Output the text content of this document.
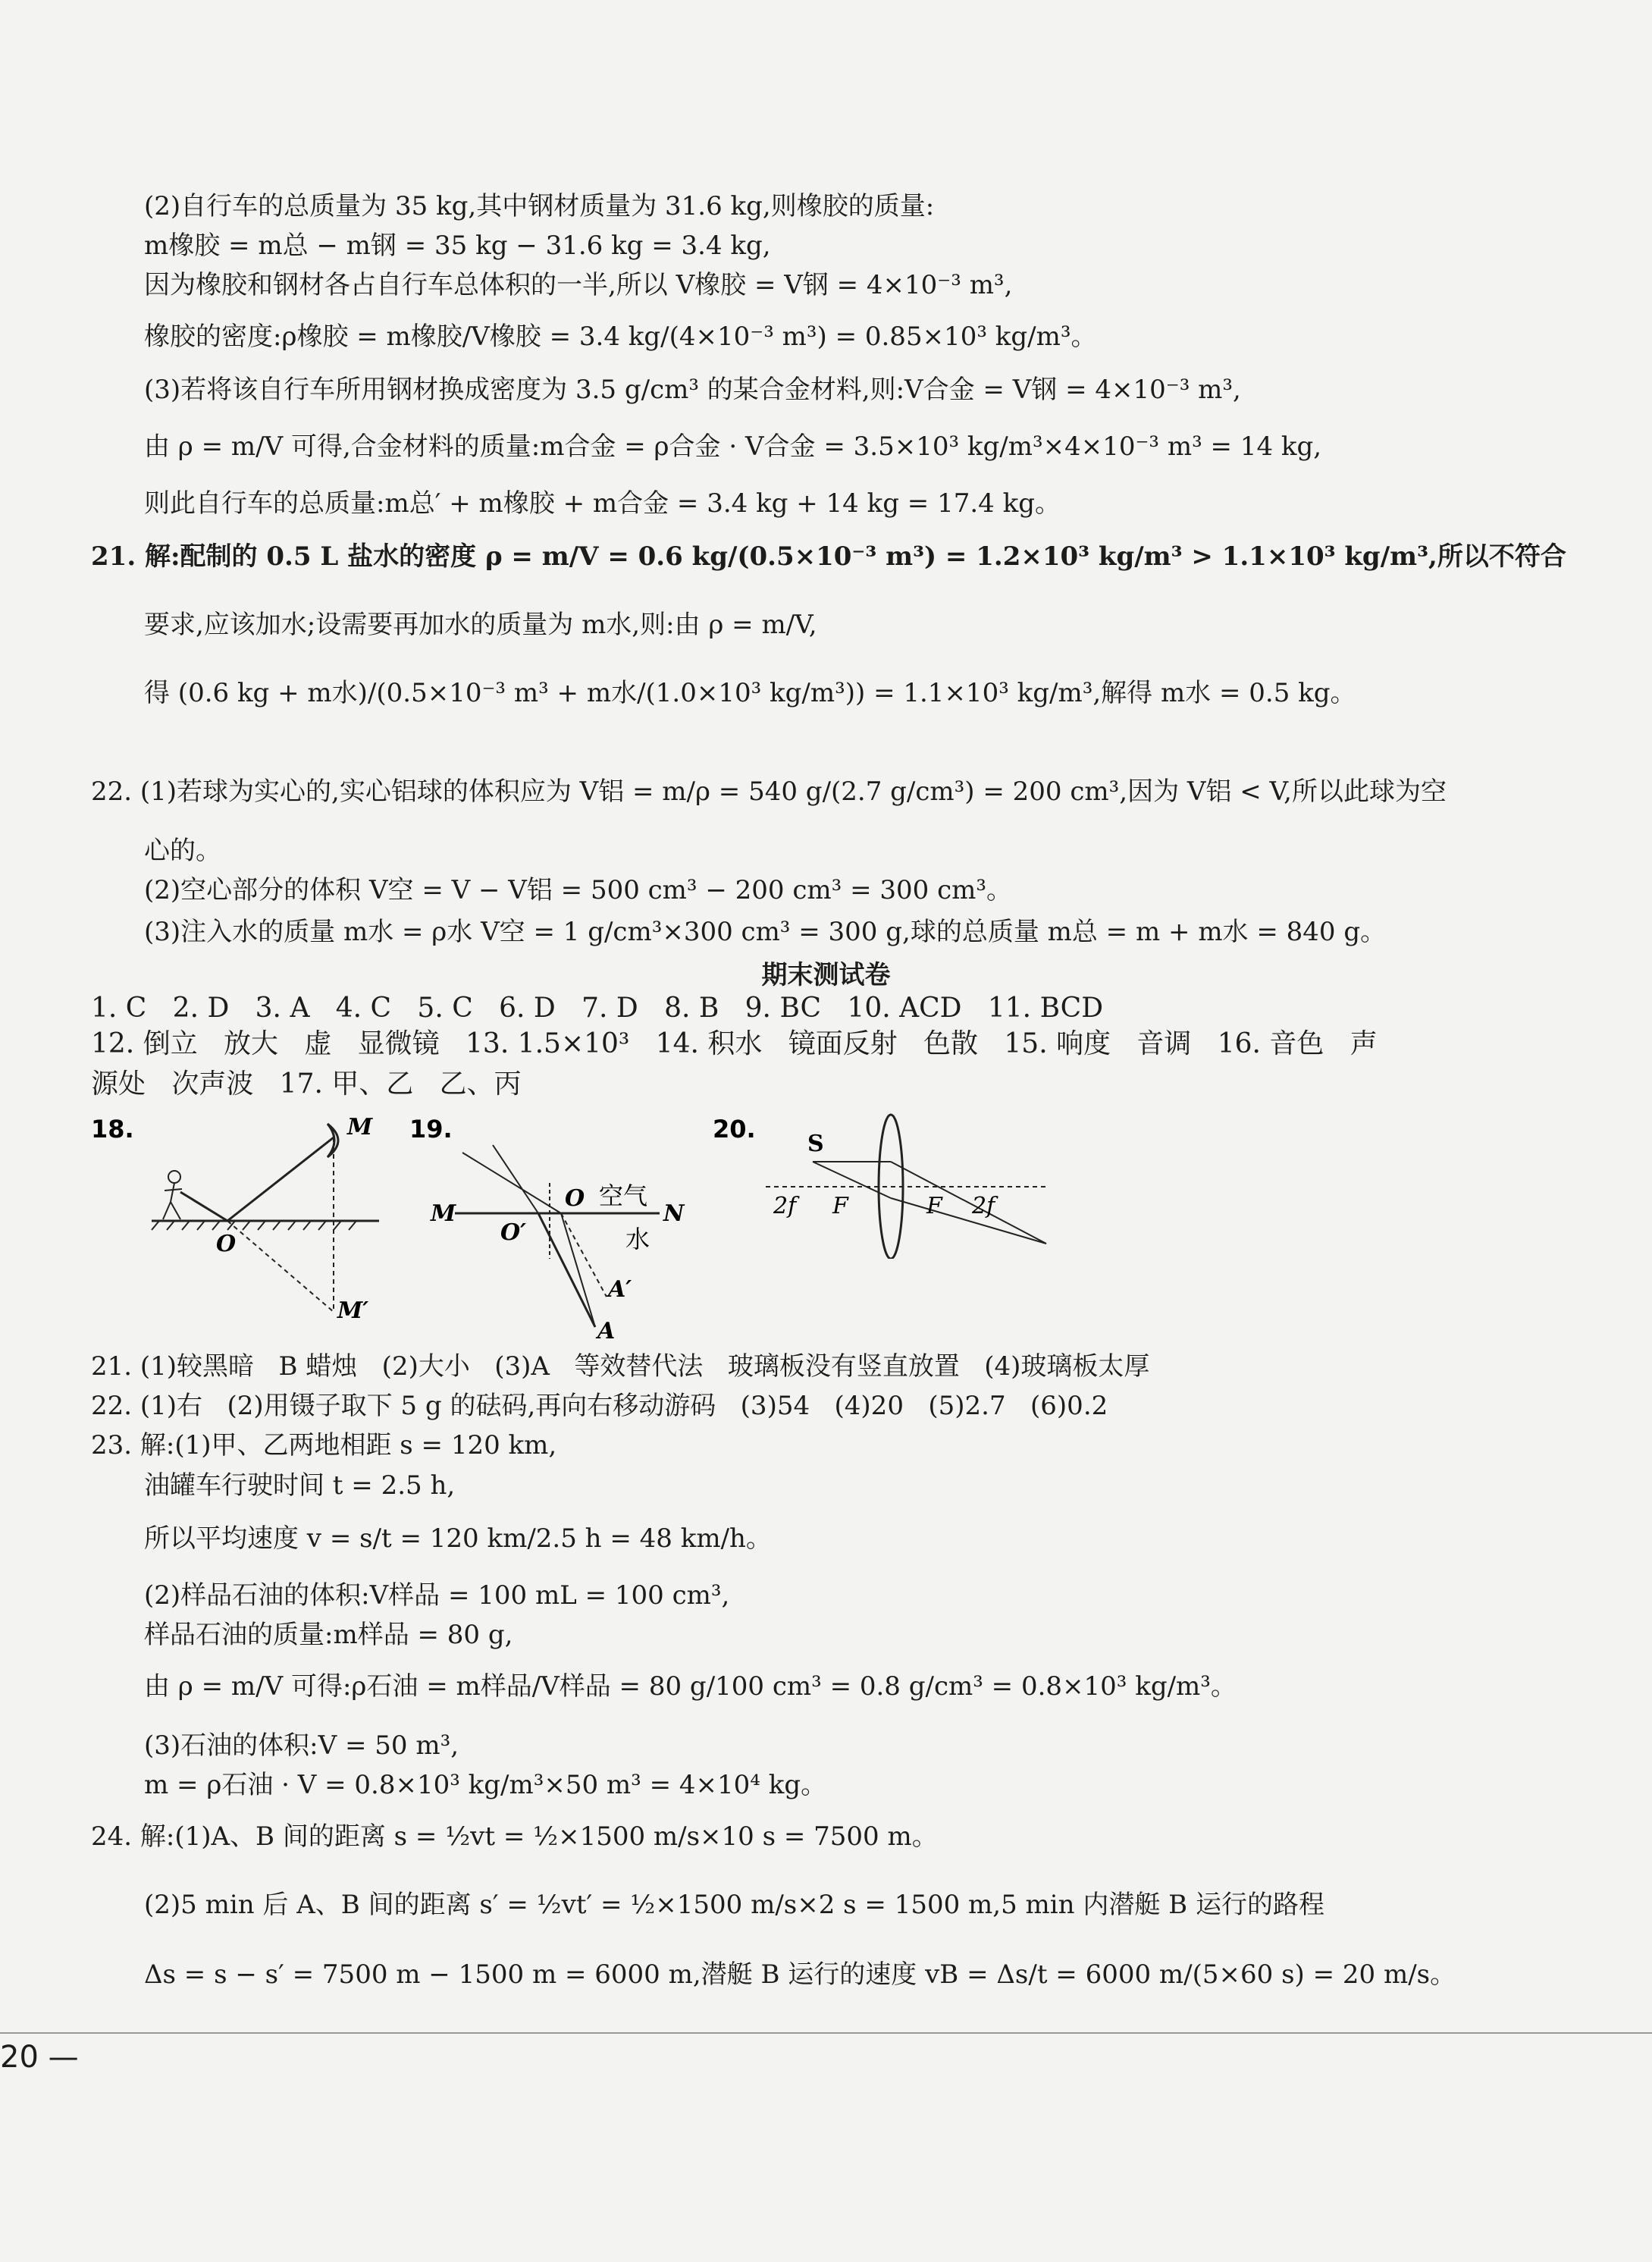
(2)自行车的总质量为 35 kg,其中钢材质量为 31.6 kg,则橡胶的质量:
m橡胶 = m总 − m钢 = 35 kg − 31.6 kg = 3.4 kg,
因为橡胶和钢材各占自行车总体积的一半,所以 V橡胶 = V钢 = 4×10⁻³ m³,
橡胶的密度:ρ橡胶 = m橡胶/V橡胶 = 3.4 kg/(4×10⁻³ m³) = 0.85×10³ kg/m³。
(3)若将该自行车所用钢材换成密度为 3.5 g/cm³ 的某合金材料,则:V合金 = V钢 = 4×10⁻³ m³,
由 ρ = m/V 可得,合金材料的质量:m合金 = ρ合金 · V合金 = 3.5×10³ kg/m³×4×10⁻³ m³ = 14 kg,
则此自行车的总质量:m总′ + m橡胶 + m合金 = 3.4 kg + 14 kg = 17.4 kg。
21. 解:配制的 0.5 L 盐水的密度 ρ = m/V = 0.6 kg/(0.5×10⁻³ m³) = 1.2×10³ kg/m³ > 1.1×10³ kg/m³,所以不符合
要求,应该加水;设需要再加水的质量为 m水,则:由 ρ = m/V,
得 (0.6 kg + m水)/(0.5×10⁻³ m³ + m水/(1.0×10³ kg/m³)) = 1.1×10³ kg/m³,解得 m水 = 0.5 kg。
22. (1)若球为实心的,实心铝球的体积应为 V铝 = m/ρ = 540 g/(2.7 g/cm³) = 200 cm³,因为 V铝 < V,所以此球为空
心的。
(2)空心部分的体积 V空 = V − V铝 = 500 cm³ − 200 cm³ = 300 cm³。
(3)注入水的质量 m水 = ρ水 V空 = 1 g/cm³×300 cm³ = 300 g,球的总质量 m总 = m + m水 = 840 g。
期末测试卷
1. C   2. D   3. A   4. C   5. C   6. D   7. D   8. B   9. BC   10. ACD   11. BCD
12. 倒立   放大   虚   显微镜   13. 1.5×10³   14. 积水   镜面反射   色散   15. 响度   音调   16. 音色   声
源处   次声波   17. 甲、乙   乙、丙
18.	M
O
M′
19.
M	N
O
O′
空气
水
A
A′
20.
S
2f F	F 2f
21. (1)较黑暗   B 蜡烛   (2)大小   (3)A   等效替代法   玻璃板没有竖直放置   (4)玻璃板太厚
22. (1)右   (2)用镊子取下 5 g 的砝码,再向右移动游码   (3)54   (4)20   (5)2.7   (6)0.2
23. 解:(1)甲、乙两地相距 s = 120 km,
油罐车行驶时间 t = 2.5 h,
所以平均速度 v = s/t = 120 km/2.5 h = 48 km/h。
(2)样品石油的体积:V样品 = 100 mL = 100 cm³,
样品石油的质量:m样品 = 80 g,
由 ρ = m/V 可得:ρ石油 = m样品/V样品 = 80 g/100 cm³ = 0.8 g/cm³ = 0.8×10³ kg/m³。
(3)石油的体积:V = 50 m³,
m = ρ石油 · V = 0.8×10³ kg/m³×50 m³ = 4×10⁴ kg。
24. 解:(1)A、B 间的距离 s = ½vt = ½×1500 m/s×10 s = 7500 m。
(2)5 min 后 A、B 间的距离 s′ = ½vt′ = ½×1500 m/s×2 s = 1500 m,5 min 内潜艇 B 运行的路程
Δs = s − s′ = 7500 m − 1500 m = 6000 m,潜艇 B 运行的速度 vB = Δs/t = 6000 m/(5×60 s) = 20 m/s。
20 —
